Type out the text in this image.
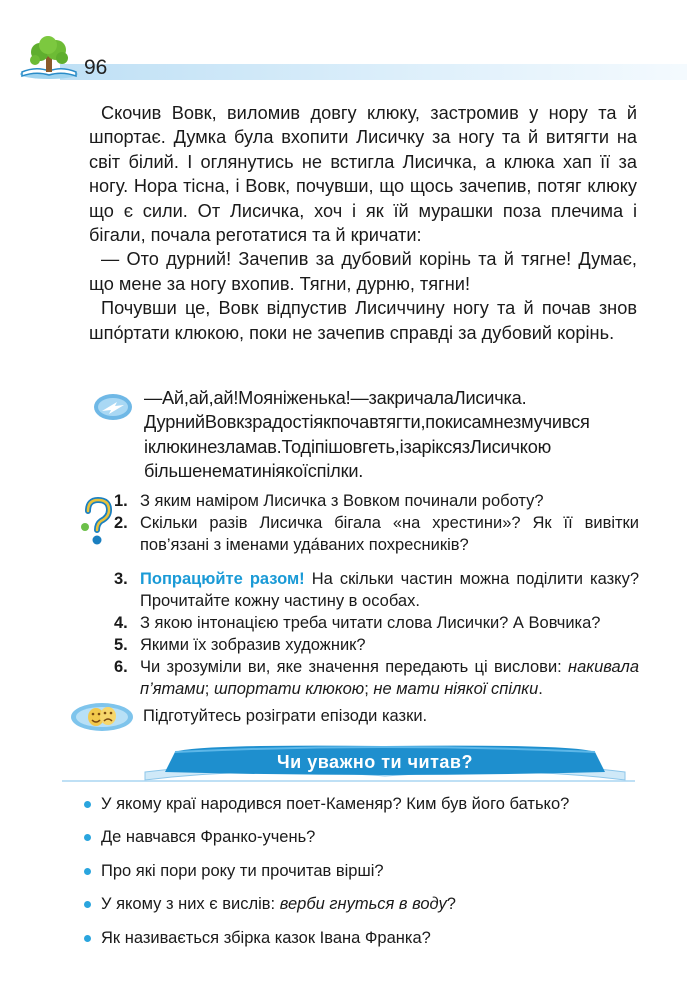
96

Скочив Вовк, виломив довгу клюку, застромив у нору та й шпортає. Думка була вхопити Лисичку за ногу та й витягти на світ білий. І оглянутись не встигла Лисичка, а клюка хап її за ногу. Нора тісна, і Вовк, почувши, що щось зачепив, потяг клюку що є сили. От Лисичка, хоч і як їй мурашки поза плечима і бігали, почала реготатися та й кричати:

— Ото дурний! Зачепив за дубовий корінь та й тягне! Думає, що мене за ногу вхопив. Тягни, дурню, тягни!

Почувши це, Вовк відпустив Лисиччину ногу та й почав знов шпо́ртати клюкою, поки не зачепив справді за дубовий корінь.

—Ай,ай,ай!Мояніженька!—закричалаЛисичка.

ДурнийВовкзрадостіякпочавтягти,покисамнезмучився

іклюкинезламав.Тодіпішовгеть,ізаріксязЛисичкою

більшенематиніякоїспілки.

1. З яким наміром Лисичка з Вовком починали роботу?
2. Скільки разів Лисичка бігала «на хрестини»? Як її вивітки пов’язані з іменами уда́ваних похресників?
3. Попрацюйте разом! На скільки частин можна поділити казку? Прочитайте кожну частину в особах.
4. З якою інтонацією треба читати слова Лисички? А Вовчика?
5. Якими їх зобразив художник?
6. Чи зрозуміли ви, яке значення передають ці вислови: накивала п’ятами; шпортати клюкою; не мати ніякої спілки.
Підготуйтесь розіграти епізоди казки.
Чи уважно ти читав?
У якому краї народився поет-Каменяр? Ким був його батько?
Де навчався Франко-учень?
Про які пори року ти прочитав вірші?
У якому з них є вислів: верби гнуться в воду?
Як називається збірка казок Івана Франка?
